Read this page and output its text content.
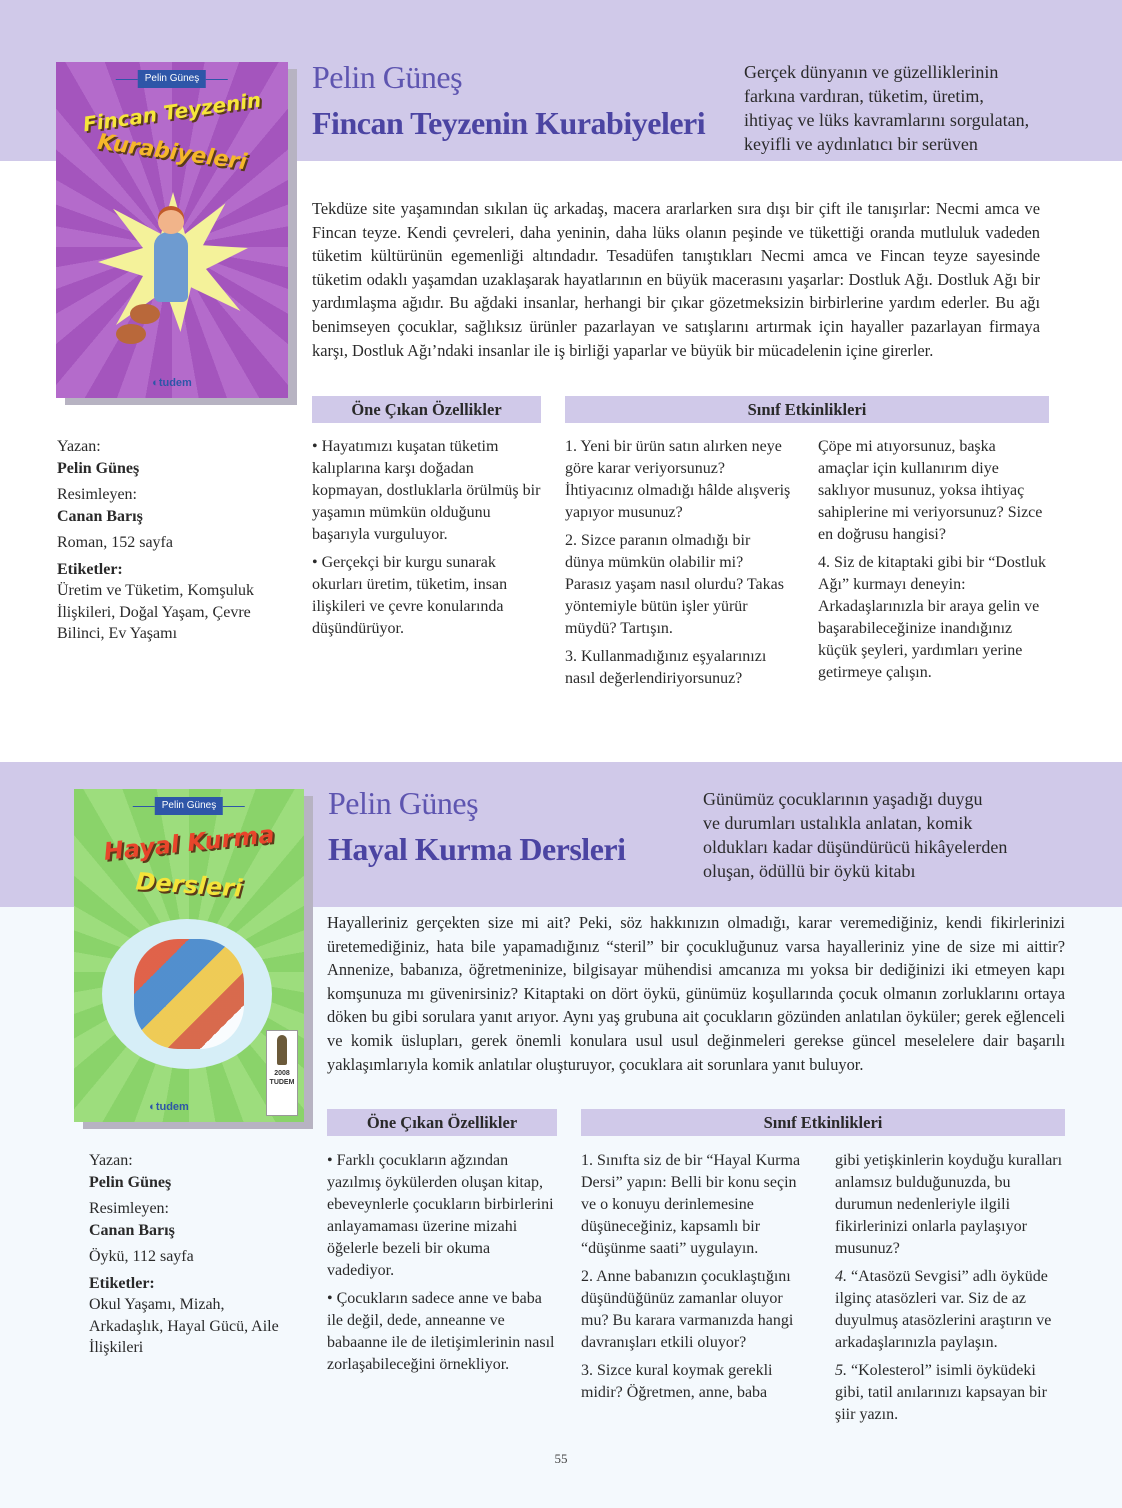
Pelin Güneş
Fincan Teyzenin
Kurabiyeleri
◐tudem
Pelin Güneş
Fincan Teyzenin Kurabiyeleri
Gerçek dünyanın ve güzelliklerinin
farkına vardıran, tüketim, üretim,
ihtiyaç ve lüks kavramlarını sorgulatan,
keyifli ve aydınlatıcı bir serüven

Tekdüze site yaşamından sıkılan üç arkadaş, macera ararlarken sıra dışı bir çift ile tanışırlar: Necmi amca ve Fincan teyze. Kendi çevreleri, daha yeninin, daha lüks olanın peşinde ve tükettiği oranda mutluluk vadeden tüketim kültürünün egemenliği altındadır. Tesadüfen tanıştıkları Necmi amca ve Fincan teyze sayesinde tüketim odaklı yaşamdan uzaklaşarak hayatlarının en büyük macerasını yaşarlar: Dostluk Ağı. Dostluk Ağı bir yardımlaşma ağıdır. Bu ağdaki insanlar, herhangi bir çıkar gözetmeksizin birbirlerine yardım ederler. Bu ağı benimseyen çocuklar, sağlıksız ürünler pazarlayan ve satışlarını artırmak için hayaller pazarlayan firmaya karşı, Dostluk Ağı’ndaki insanlar ile iş birliği yaparlar ve büyük bir mücadelenin içine girerler.

Öne Çıkan Özellikler	Sınıf Etkinlikleri
Yazan:
Pelin Güneş
Resimleyen:
Canan Barış
Roman, 152 sayfa
Etiketler:
Üretim ve Tüketim, Komşuluk İlişkileri, Doğal Yaşam, Çevre Bilinci, Ev Yaşamı

• Hayatımızı kuşatan tüketim kalıplarına karşı doğadan kopmayan, dostluklarla örülmüş bir yaşamın mümkün olduğunu başarıyla vurguluyor.

• Gerçekçi bir kurgu sunarak okurları üretim, tüketim, insan ilişkileri ve çevre konularında düşündürüyor.

1. Yeni bir ürün satın alırken neye göre karar veriyorsunuz? İhtiyacınız olmadığı hâlde alışveriş yapıyor musunuz?

2. Sizce paranın olmadığı bir dünya mümkün olabilir mi? Parasız yaşam nasıl olurdu? Takas yöntemiyle bütün işler yürür müydü? Tartışın.

3. Kullanmadığınız eşyalarınızı nasıl değerlendiriyorsunuz?

Çöpe mi atıyorsunuz, başka amaçlar için kullanırım diye saklıyor musunuz, yoksa ihtiyaç sahiplerine mi veriyorsunuz? Sizce en doğrusu hangisi?

4. Siz de kitaptaki gibi bir “Dostluk Ağı” kurmayı deneyin: Arkadaşlarınızla bir araya gelin ve başarabileceğinize inandığınız küçük şeyleri, yardımları yerine getirmeye çalışın.

Pelin Güneş
Hayal Kurma
Dersleri
◐tudem
2008
TUDEM
Pelin Güneş
Hayal Kurma Dersleri
Günümüz çocuklarının yaşadığı duygu
ve durumları ustalıkla anlatan, komik
oldukları kadar düşündürücü hikâyelerden
oluşan, ödüllü bir öykü kitabı

Hayalleriniz gerçekten size mi ait? Peki, söz hakkınızın olmadığı, karar veremediğiniz, kendi fikirlerinizi üretemediğiniz, hata bile yapamadığınız “steril” bir çocukluğunuz varsa hayalleriniz yine de size mi aittir? Annenize, babanıza, öğretmeninize, bilgisayar mühendisi amcanıza mı yoksa bir dediğinizi iki etmeyen kapı komşunuza mı güvenirsiniz? Kitaptaki on dört öykü, günümüz koşullarında çocuk olmanın zorluklarını ortaya döken bu gibi sorulara yanıt arıyor. Aynı yaş grubuna ait çocukların gözünden anlatılan öyküler; gerek eğlenceli ve komik üslupları, gerek önemli konulara usul usul değinmeleri gerekse güncel meselelere dair başarılı yaklaşımlarıyla komik anlatılar oluşturuyor, çocuklara ait sorunlara yanıt buluyor.

Öne Çıkan Özellikler	Sınıf Etkinlikleri
Yazan:
Pelin Güneş
Resimleyen:
Canan Barış
Öykü, 112 sayfa
Etiketler:
Okul Yaşamı, Mizah, Arkadaşlık, Hayal Gücü, Aile İlişkileri

• Farklı çocukların ağzından yazılmış öykülerden oluşan kitap, ebeveynlerle çocukların birbirlerini anlayamaması üzerine mizahi öğelerle bezeli bir okuma vadediyor.

• Çocukların sadece anne ve baba ile değil, dede, anneanne ve babaanne ile de iletişimlerinin nasıl zorlaşabileceğini örnekliyor.

1. Sınıfta siz de bir “Hayal Kurma Dersi” yapın: Belli bir konu seçin ve o konuyu derinlemesine düşüneceğiniz, kapsamlı bir “düşünme saati” uygulayın.

2. Anne babanızın çocuklaştığını düşündüğünüz zamanlar oluyor mu? Bu karara varmanızda hangi davranışları etkili oluyor?

3. Sizce kural koymak gerekli midir? Öğretmen, anne, baba

gibi yetişkinlerin koyduğu kuralları anlamsız bulduğunuzda, bu durumun nedenleriyle ilgili fikirlerinizi onlarla paylaşıyor musunuz?

4. “Atasözü Sevgisi” adlı öyküde ilginç atasözleri var. Siz de az duyulmuş atasözlerini araştırın ve arkadaşlarınızla paylaşın.

5. “Kolesterol” isimli öyküdeki gibi, tatil anılarınızı kapsayan bir şiir yazın.

55
